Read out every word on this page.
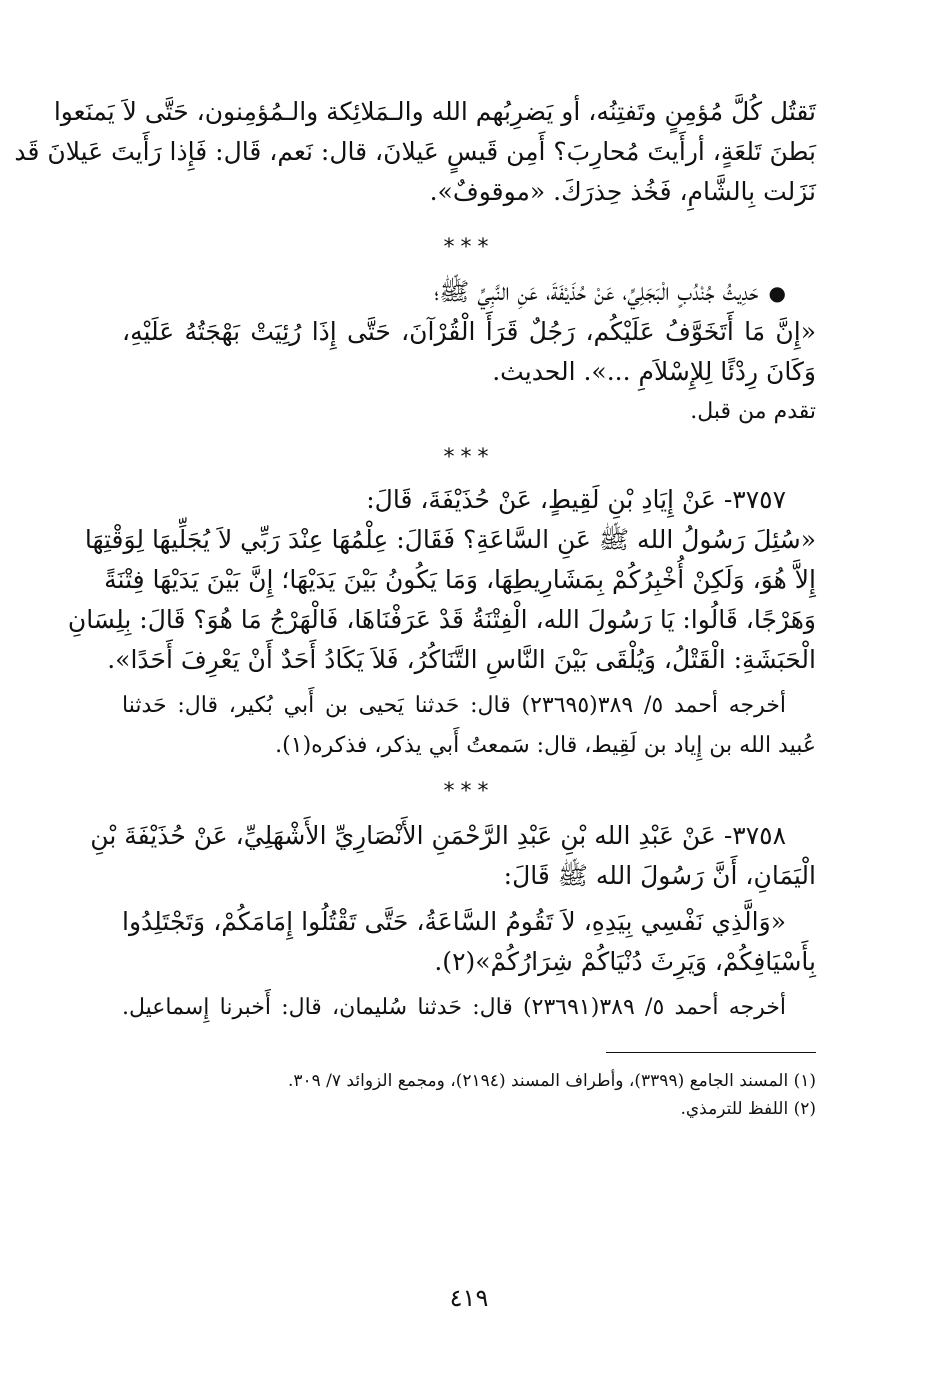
تَقتُل كُلَّ مُؤمِنٍ وتَفتِنُه، أو يَضرِبُهم الله والـمَلائِكة والـمُؤمِنون، حَتَّى لاَ يَمنَعوا
بَطنَ تَلعَةٍ، أرأَيتَ مُحارِبَ؟ أَمِن قَيسٍ عَيلانَ، قال: نَعم، قَال: فَإِذا رَأَيتَ عَيلانَ قَد
نَزَلت بِالشَّامِ، فَخُذ حِذرَكَ. «موقوفٌ».
***
●حَدِيثُ جُنْدُبٍ الْبَجَلِيِّ، عَنْ حُذَيْفَةَ، عَنِ النَّبِيِّ ﷺ؛
«إِنَّ مَا أَتَخَوَّفُ عَلَيْكُم، رَجُلٌ قَرَأَ الْقُرْآنَ، حَتَّى إِذَا رُئِيَتْ بَهْجَتُهُ عَلَيْهِ،
وَكَانَ رِدْئًا لِلإِسْلاَمِ ...». الحديث.
تقدم من قبل.
***
٣٧٥٧- عَنْ إِيَادِ بْنِ لَقِيطٍ، عَنْ حُذَيْفَةَ، قَالَ:
«سُئِلَ رَسُولُ الله ﷺ عَنِ السَّاعَةِ؟ فَقَالَ: عِلْمُهَا عِنْدَ رَبِّي لاَ يُجَلِّيهَا لِوَقْتِهَا
إِلاَّ هُوَ، وَلَكِنْ أُخْبِرُكُمْ بِمَشَارِيطِهَا، وَمَا يَكُونُ بَيْنَ يَدَيْهَا؛ إِنَّ بَيْنَ يَدَيْهَا فِتْنَةً
وَهَرْجًا، قَالُوا: يَا رَسُولَ الله، الْفِتْنَةُ قَدْ عَرَفْنَاهَا، فَالْهَرْجُ مَا هُوَ؟ قَالَ: بِلِسَانِ
الْحَبَشَةِ: الْقَتْلُ، وَيُلْقَى بَيْنَ النَّاسِ التَّنَاكُرُ، فَلاَ يَكَادُ أَحَدٌ أَنْ يَعْرِفَ أَحَدًا».
أخرجه أحمد ٥/ ٣٨٩(٢٣٦٩٥) قال: حَدثنا يَحيى بن أَبي بُكير، قال: حَدثنا
عُبيد الله بن إِياد بن لَقِيط، قال: سَمعتُ أَبي يذكر، فذكره(١).
***
٣٧٥٨- عَنْ عَبْدِ الله بْنِ عَبْدِ الرَّحْمَنِ الأَنْصَارِيِّ الأَشْهَلِيِّ، عَنْ حُذَيْفَةَ بْنِ
الْيَمَانِ، أَنَّ رَسُولَ الله ﷺ قَالَ:
«وَالَّذِي نَفْسِي بِيَدِهِ، لاَ تَقُومُ السَّاعَةُ، حَتَّى تَقْتُلُوا إِمَامَكُمْ، وَتَجْتَلِدُوا
بِأَسْيَافِكُمْ، وَيَرِثَ دُنْيَاكُمْ شِرَارُكُمْ»(٢).
أخرجه أحمد ٥/ ٣٨٩(٢٣٦٩١) قال: حَدثنا سُليمان، قال: أَخبرنا إِسماعيل.
(١) المسند الجامع (٣٣٩٩)، وأطراف المسند (٢١٩٤)، ومجمع الزوائد ٧/ ٣٠٩.
(٢) اللفظ للترمذي.
٤١٩
